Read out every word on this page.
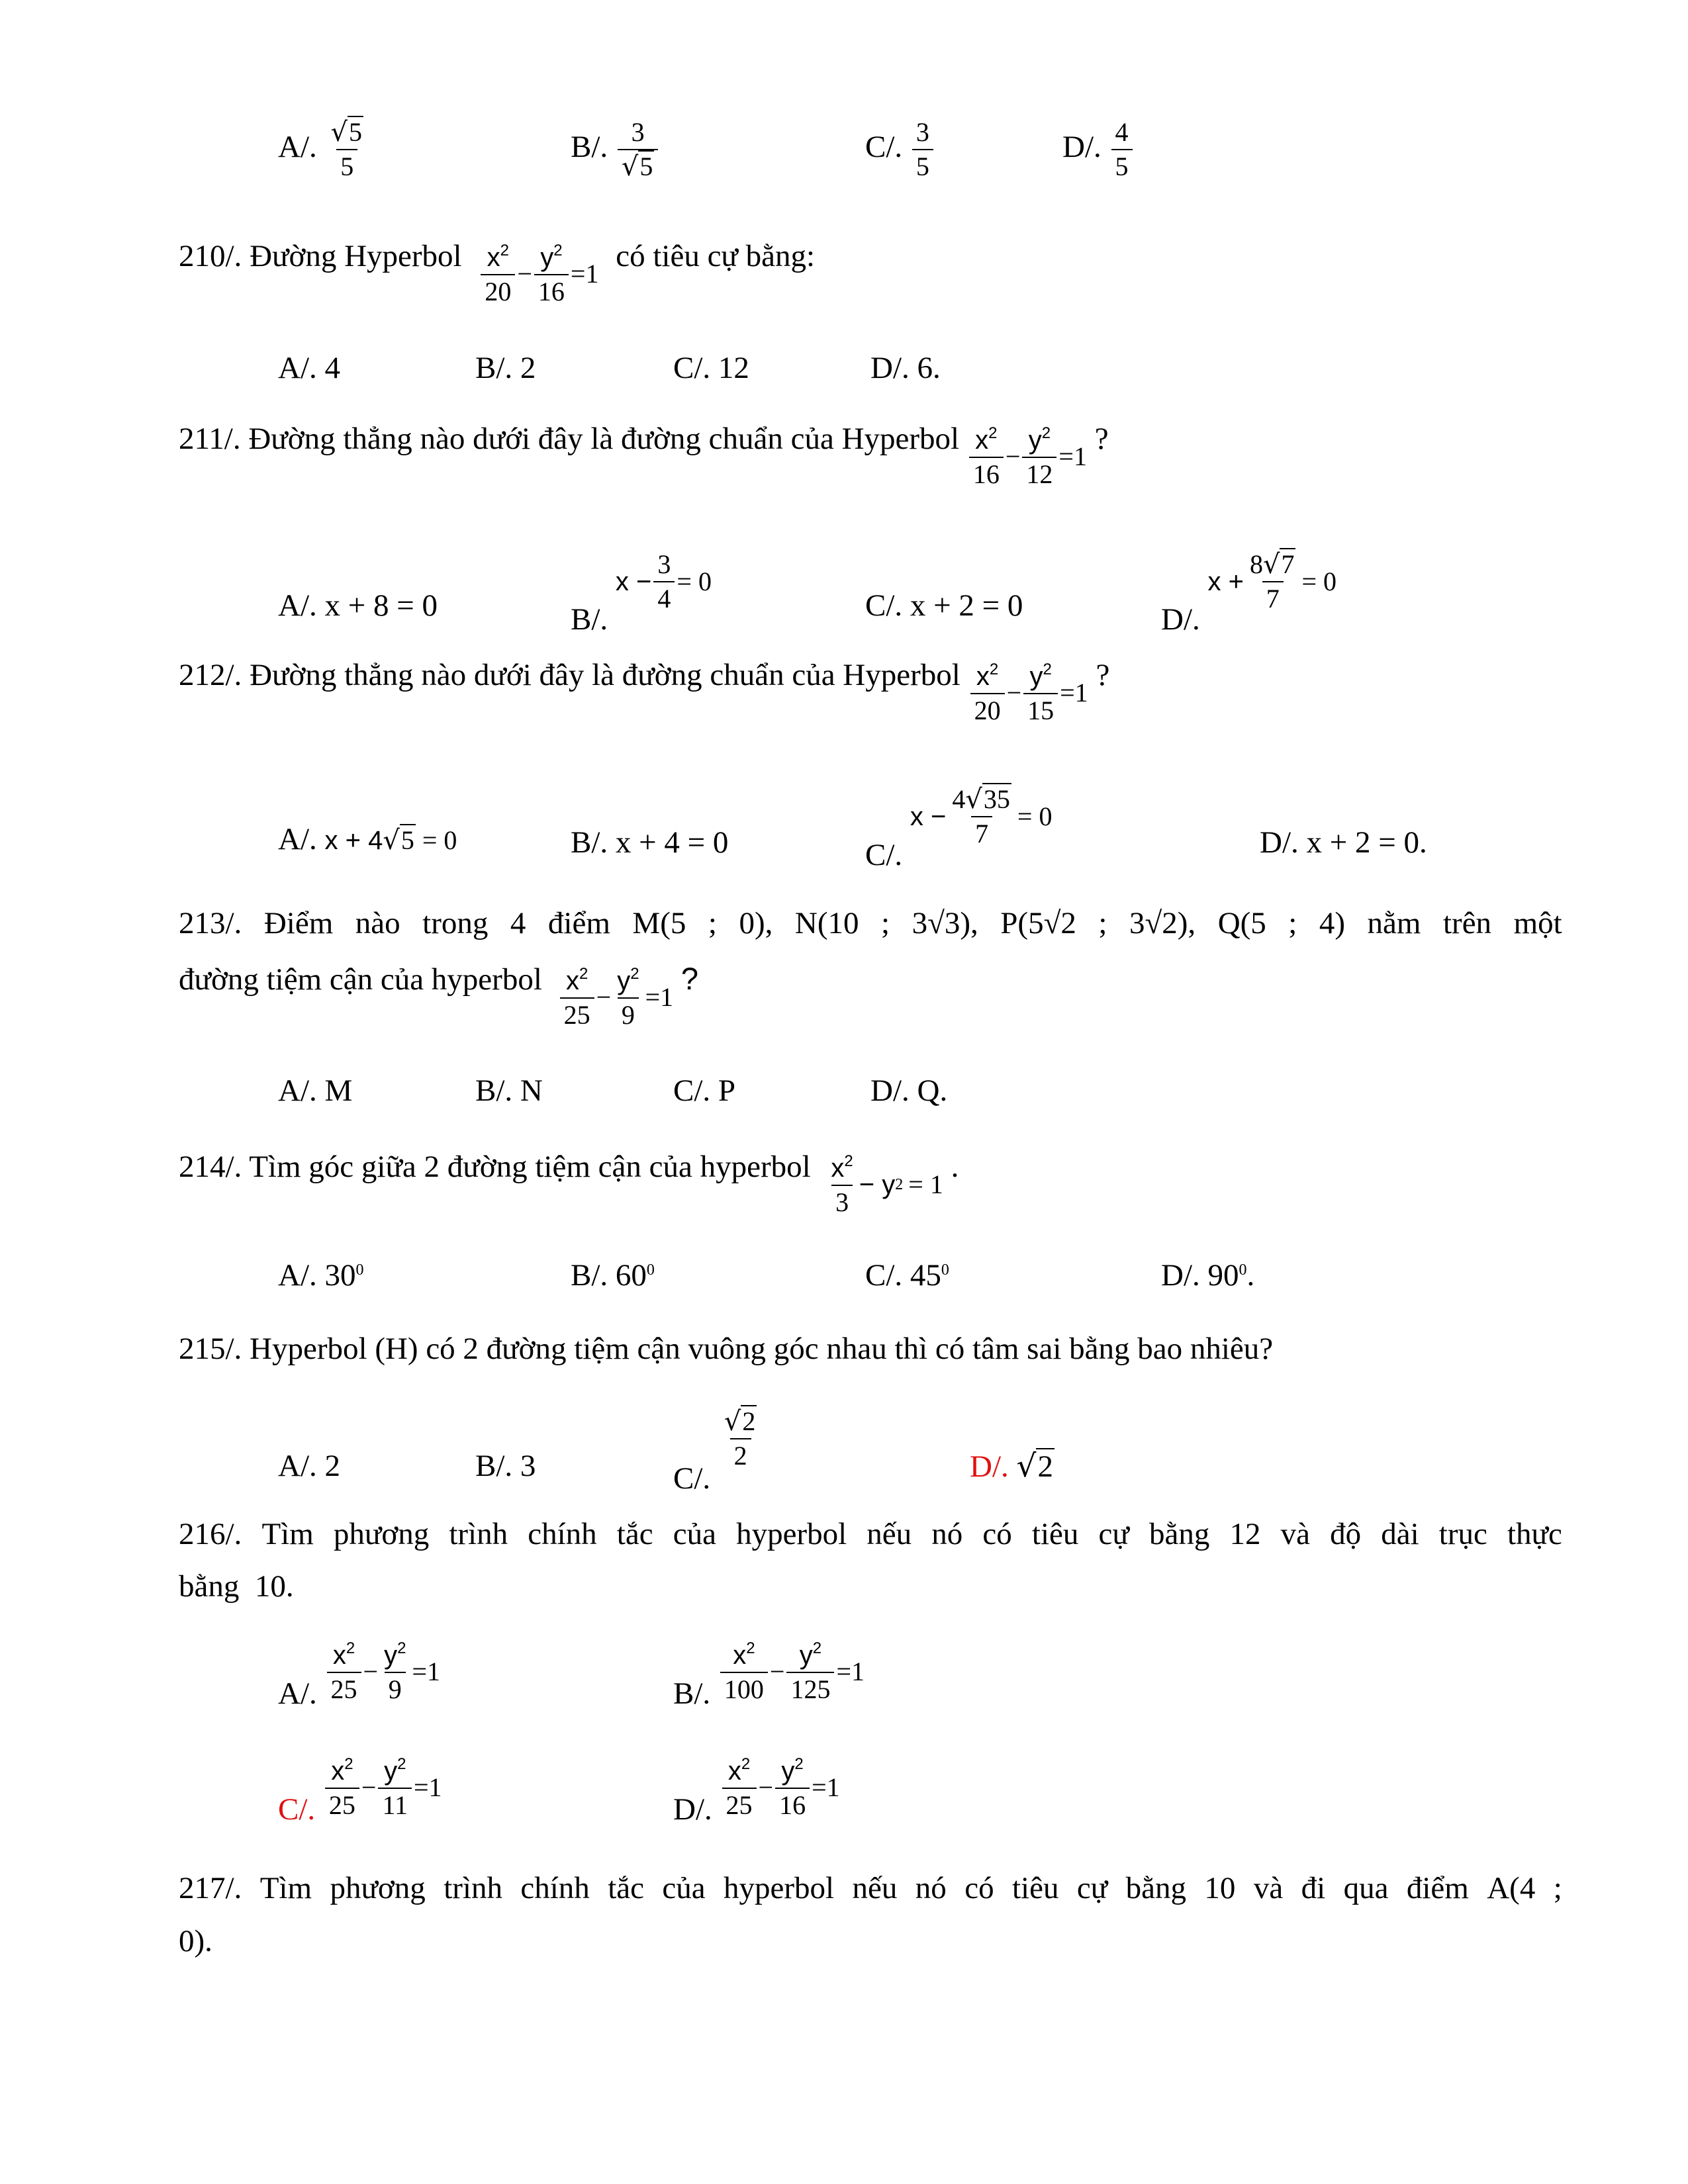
A/. $\frac{√5}{5}$	B/. $\frac{3}{√5}$	C/. $\frac{3}{5}$	D/. $\frac{4}{5}$
210/. Đường Hyperbol $x^2$
20
− $\frac{y^2}{16} =1$
có tiêu cự bằng:
A/. 4	B/. 2	C/. 12	D/. 6.
211/. Đường thẳng nào dưới đây là đường chuẩn của Hyperbol $x^2$
16
− $\frac{y^2}{12} =1$
?
A/. x + 8 = 0	B/.
$x - \frac{3}{4} = 0$
C/. x + 2 = 0	D/.
$x + \frac{8√7}{7} = 0$
212/. Đường thẳng nào dưới đây là đường chuẩn của Hyperbol $x^2$
20
− $\frac{y^2}{15} =1$
?
A/. x + 4√5 = 0	B/. x + 4 = 0	C/.
$x - \frac{4√35}{7} = 0$
D/. x + 2 = 0.
213/. Điểm nào trong 4 điểm M(5 ; 0), N(10 ; 3√3), P(5√2 ; 3√2), Q(5 ; 4) nằm trên một
đường tiệm cận của hyperbol $x^2$
25
− $\frac{y^2}{9} =1$
?
A/. M	B/. N	C/. P	D/. Q.
214/. Tìm góc giữa 2 đường tiệm cận của hyperbol $x^2$
3
− y 2 = 1
.
A/. $30^0$	B/. $60^0$	C/. $45^0$	D/. $90^0$.
215/. Hyperbol (H) có 2 đường tiệm cận vuông góc nhau thì có tâm sai bằng bao nhiêu?
A/. 2	B/. 3	C/.
$\frac{√2}{2}$	D/. √2
216/. Tìm phương trình chính tắc của hyperbol nếu nó có tiêu cự bằng 12 và độ dài trục thực
bằng  10.
A/.
$x^2$
25
− $\frac{y^2}{9} =1$
B/.
$x^2$
100
− $\frac{y^2}{125} =1$
C/.
$x^2$
25
− $\frac{y^2}{11} =1$
D/.
$x^2$
25
− $\frac{y^2}{16} =1$
217/. Tìm phương trình chính tắc của hyperbol nếu nó có tiêu cự bằng 10 và đi qua điểm A(4 ;
0).
